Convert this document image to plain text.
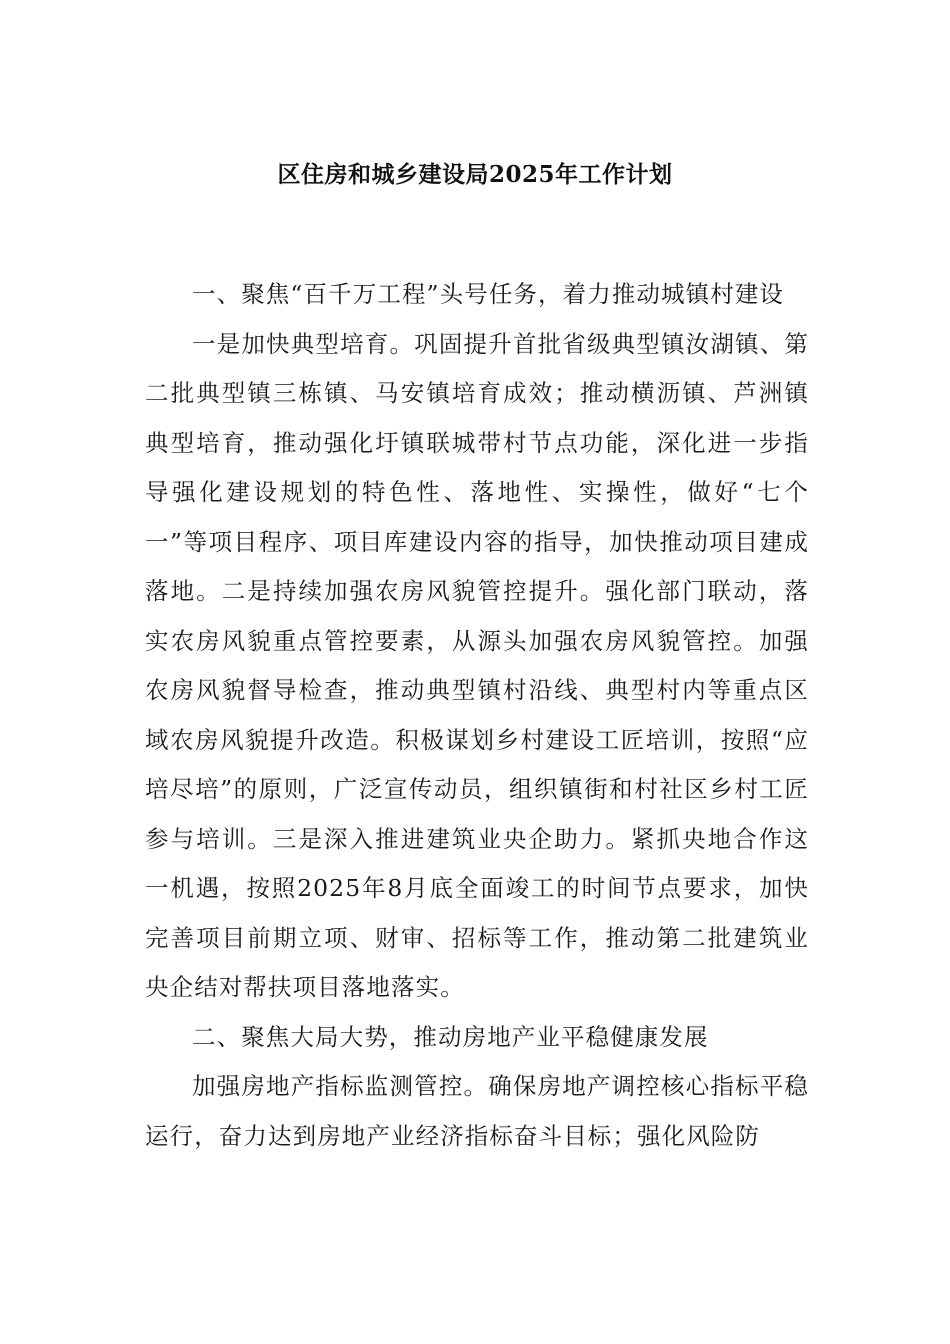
区住房和城乡建设局2025年工作计划

一、聚焦“百千万工程”头号任务，着力推动城镇村建设

一是加快典型培育。巩固提升首批省级典型镇汝湖镇、第二批典型镇三栋镇、马安镇培育成效；推动横沥镇、芦洲镇典型培育，推动强化圩镇联城带村节点功能，深化进一步指导强化建设规划的特色性、落地性、实操性，做好“七个一”等项目程序、项目库建设内容的指导，加快推动项目建成落地。二是持续加强农房风貌管控提升。强化部门联动，落实农房风貌重点管控要素，从源头加强农房风貌管控。加强农房风貌督导检查，推动典型镇村沿线、典型村内等重点区域农房风貌提升改造。积极谋划乡村建设工匠培训，按照“应培尽培”的原则，广泛宣传动员，组织镇街和村社区乡村工匠参与培训。三是深入推进建筑业央企助力。紧抓央地合作这一机遇，按照2025年8月底全面竣工的时间节点要求，加快完善项目前期立项、财审、招标等工作，推动第二批建筑业央企结对帮扶项目落地落实。

二、聚焦大局大势，推动房地产业平稳健康发展

加强房地产指标监测管控。确保房地产调控核心指标平稳运行，奋力达到房地产业经济指标奋斗目标；强化风险防
